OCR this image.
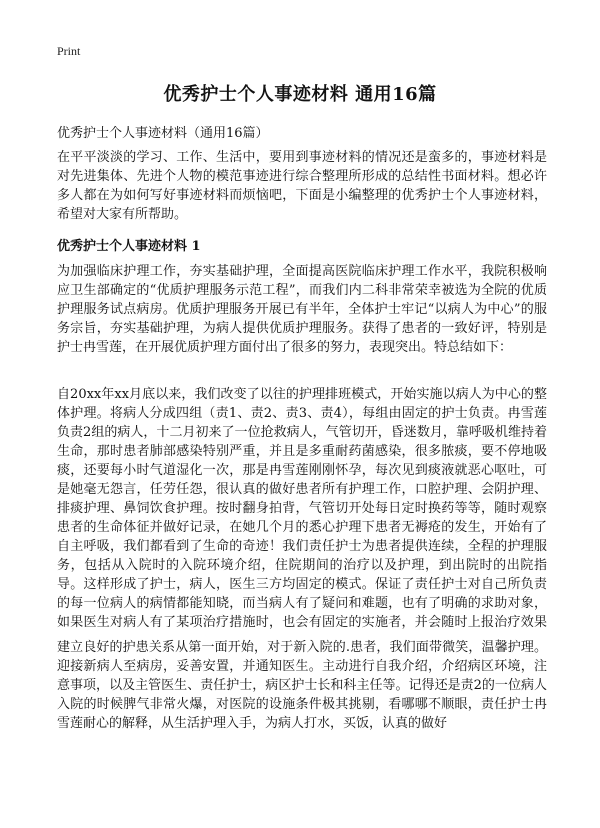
Print
优秀护士个人事迹材料 通用16篇

优秀护士个人事迹材料（通用16篇）

在平平淡淡的学习、工作、生活中，要用到事迹材料的情况还是蛮多的，事迹材料是对先进集体、先进个人物的模范事迹进行综合整理所形成的总结性书面材料。想必许多人都在为如何写好事迹材料而烦恼吧，下面是小编整理的优秀护士个人事迹材料，希望对大家有所帮助。

优秀护士个人事迹材料 1

为加强临床护理工作，夯实基础护理，全面提高医院临床护理工作水平，我院积极响应卫生部确定的“优质护理服务示范工程”，而我们内二科非常荣幸被选为全院的优质护理服务试点病房。优质护理服务开展已有半年，全体护士牢记“以病人为中心”的服务宗旨，夯实基础护理，为病人提供优质护理服务。获得了患者的一致好评，特别是护士冉雪莲，在开展优质护理方面付出了很多的努力，表现突出。特总结如下：

自20xx年xx月底以来，我们改变了以往的护理排班模式，开始实施以病人为中心的整体护理。将病人分成四组（责1、责2、责3、责4），每组由固定的护士负责。冉雪莲负责2组的病人，十二月初来了一位抢救病人，气管切开，昏迷数月，靠呼吸机维持着生命，那时患者肺部感染特别严重，并且是多重耐药菌感染，很多脓痰，要不停地吸痰，还要每小时气道湿化一次，那是冉雪莲刚刚怀孕，每次见到痰液就恶心呕吐，可是她毫无怨言，任劳任怨，很认真的做好患者所有护理工作，口腔护理、会阴护理、排痰护理、鼻饲饮食护理。按时翻身拍背，气管切开处每日定时换药等等，随时观察患者的生命体征并做好记录，在她几个月的悉心护理下患者无褥疮的发生，开始有了自主呼吸，我们都看到了生命的奇迹！我们责任护士为患者提供连续，全程的护理服务，包括从入院时的入院环境介绍，住院期间的治疗以及护理，到出院时的出院指导。这样形成了护士，病人，医生三方均固定的模式。保证了责任护士对自己所负责的每一位病人的病情都能知晓，而当病人有了疑问和难题，也有了明确的求助对象，如果医生对病人有了某项治疗措施时，也会有固定的实施者，并会随时上报治疗效果

建立良好的护患关系从第一面开始，对于新入院的.患者，我们面带微笑，温馨护理。迎接新病人至病房，妥善安置，并通知医生。主动进行自我介绍，介绍病区环境，注意事项，以及主管医生、责任护士，病区护士长和科主任等。记得还是责2的一位病人入院的时候脾气非常火爆，对医院的设施条件极其挑剔，看哪哪不顺眼，责任护士冉雪莲耐心的解释，从生活护理入手，为病人打水，买饭，认真的做好
